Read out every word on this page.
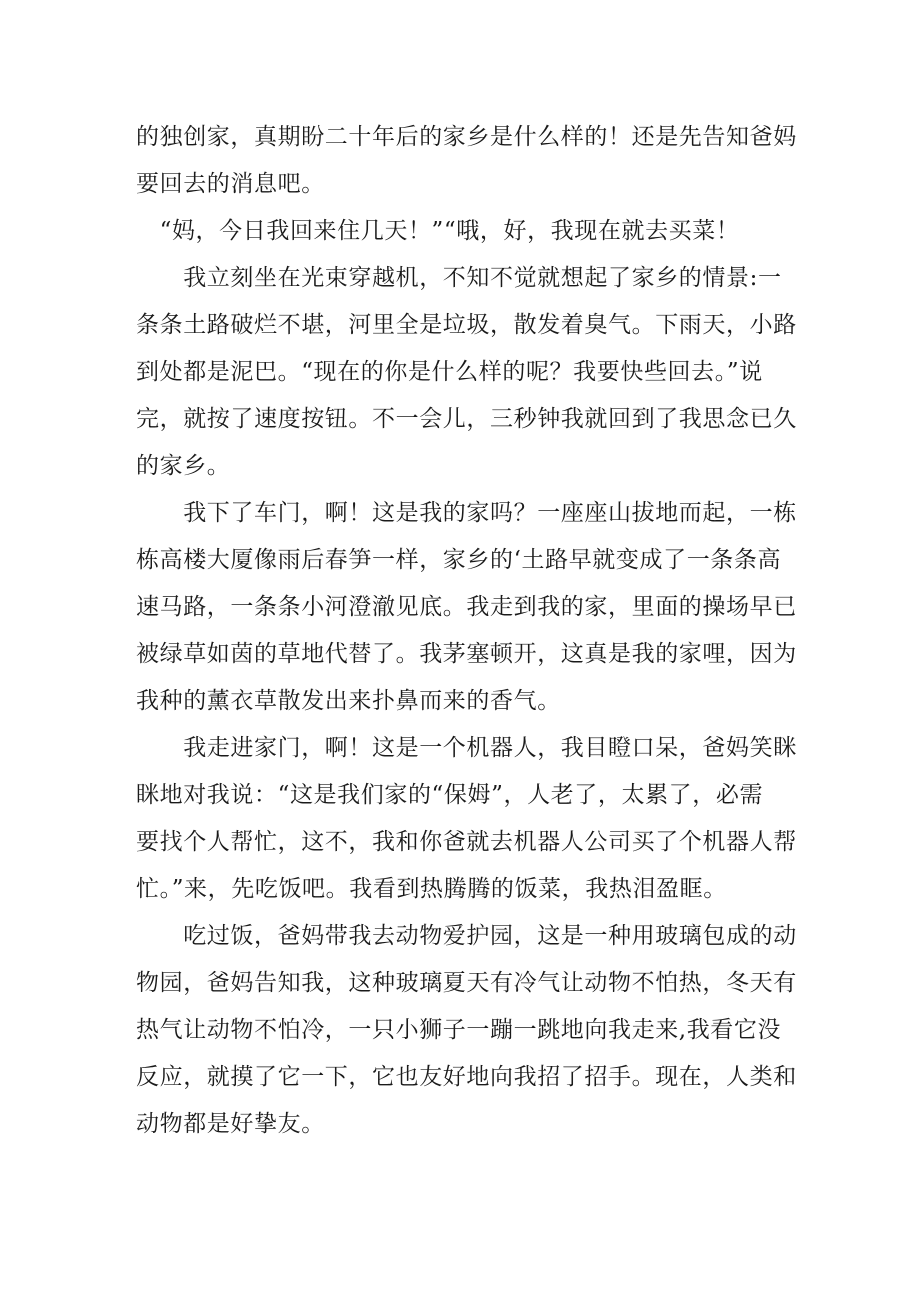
的独创家，真期盼二十年后的家乡是什么样的！还是先告知爸妈
要回去的消息吧。
　“妈，今日我回来住几天！”“哦，好，我现在就去买菜！
　　我立刻坐在光束穿越机，不知不觉就想起了家乡的情景:一
条条土路破烂不堪，河里全是垃圾，散发着臭气。下雨天，小路
到处都是泥巴。“现在的你是什么样的呢？我要快些回去。”说
完，就按了速度按钮。不一会儿，三秒钟我就回到了我思念已久
的家乡。
　　我下了车门，啊！这是我的家吗？一座座山拔地而起，一栋
栋高楼大厦像雨后春笋一样，家乡的‘土路早就变成了一条条高
速马路，一条条小河澄澈见底。我走到我的家，里面的操场早已
被绿草如茵的草地代替了。我茅塞顿开，这真是我的家哩，因为
我种的薰衣草散发出来扑鼻而来的香气。
　　我走进家门，啊！这是一个机器人，我目瞪口呆，爸妈笑眯
眯地对我说：“这是我们家的“保姆”，人老了，太累了，必需
要找个人帮忙，这不，我和你爸就去机器人公司买了个机器人帮
忙。”来，先吃饭吧。我看到热腾腾的饭菜，我热泪盈眶。
　　吃过饭，爸妈带我去动物爱护园，这是一种用玻璃包成的动
物园，爸妈告知我，这种玻璃夏天有冷气让动物不怕热，冬天有
热气让动物不怕冷，一只小狮子一蹦一跳地向我走来,我看它没
反应，就摸了它一下，它也友好地向我招了招手。现在，人类和
动物都是好挚友。
